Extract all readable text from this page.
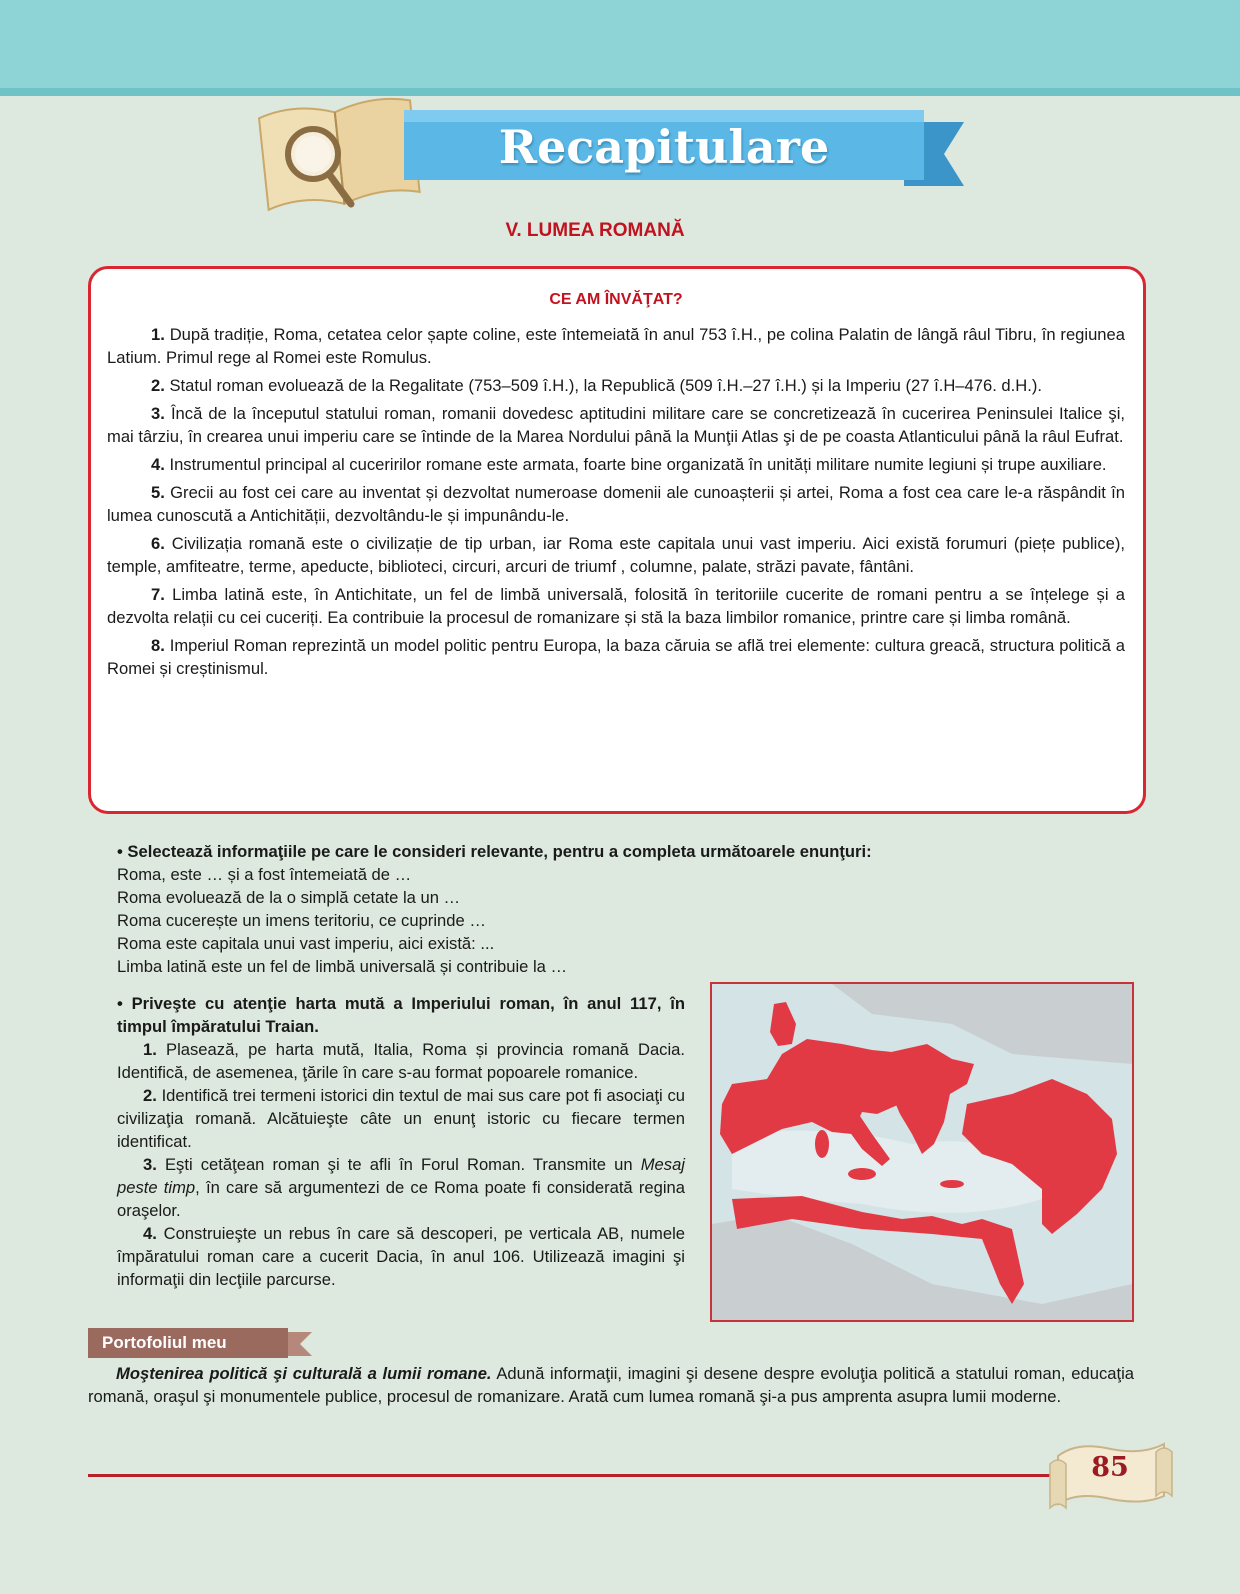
Recapitulare
V. LUMEA ROMANĂ
CE AM ÎNVĂŢAT?

1. După tradiție, Roma, cetatea celor șapte coline, este întemeiată în anul 753 î.H., pe colina Palatin de lângă râul Tibru, în regiunea Latium. Primul rege al Romei este Romulus.

2. Statul roman evoluează de la Regalitate (753–509 î.H.), la Republică (509 î.H.–27 î.H.) și la Imperiu (27 î.H–476. d.H.).

3. Încă de la începutul statului roman, romanii dovedesc aptitudini militare care se concretizează în cucerirea Peninsulei Italice şi, mai târziu, în crearea unui imperiu care se întinde de la Marea Nordului până la Munţii Atlas şi de pe coasta Atlanticului până la râul Eufrat.

4. Instrumentul principal al cuceririlor romane este armata, foarte bine organizată în unități militare numite legiuni și trupe auxiliare.

5. Grecii au fost cei care au inventat și dezvoltat numeroase domenii ale cunoașterii și artei, Roma a fost cea care le-a răspândit în lumea cunoscută a Antichității, dezvoltându-le și impunându-le.

6. Civilizația romană este o civilizație de tip urban, iar Roma este capitala unui vast imperiu. Aici există forumuri (piețe publice), temple, amfiteatre, terme, apeducte, biblioteci, circuri, arcuri de triumf , columne, palate, străzi pavate, fântâni.

7. Limba latină este, în Antichitate, un fel de limbă universală, folosită în teritoriile cucerite de romani pentru a se înțelege și a dezvolta relații cu cei cuceriți. Ea contribuie la procesul de romanizare și stă la baza limbilor romanice, printre care și limba română.

8. Imperiul Roman reprezintă un model politic pentru Europa, la baza căruia se află trei elemente: cultura greacă, structura politică a Romei și creștinismul.

• Selectează informaţiile pe care le consideri relevante, pentru a completa următoarele enunţuri:
Roma, este … și a fost întemeiată de …
Roma evoluează de la o simplă cetate la un …
Roma cucerește un imens teritoriu, ce cuprinde …
Roma este capitala unui vast imperiu, aici există: ...
Limba latină este un fel de limbă universală și contribuie la …

• Priveşte cu atenţie harta mută a Imperiului roman, în anul 117, în timpul împăratului Traian.

1. Plasează, pe harta mută, Italia, Roma și provincia romană Dacia. Identifică, de asemenea, ţările în care s-au format popoarele romanice.

2. Identifică trei termeni istorici din textul de mai sus care pot fi asociaţi cu civilizaţia romană. Alcătuieşte câte un enunţ istoric cu fiecare termen identificat.

3. Eşti cetăţean roman şi te afli în Forul Roman. Transmite un Mesaj peste timp, în care să argumentezi de ce Roma poate fi considerată regina oraşelor.

4. Construieşte un rebus în care să descoperi, pe verticala AB, numele împăratului roman care a cucerit Dacia, în anul 106. Utilizează imagini şi informaţii din lecţiile parcurse.

Portofoliul meu
Moştenirea politică şi culturală a lumii romane. Adună informaţii, imagini şi desene despre evoluţia politică a statului roman, educaţia romană, oraşul şi monumentele publice, procesul de romanizare. Arată cum lumea romană şi-a pus amprenta asupra lumii moderne.
85
